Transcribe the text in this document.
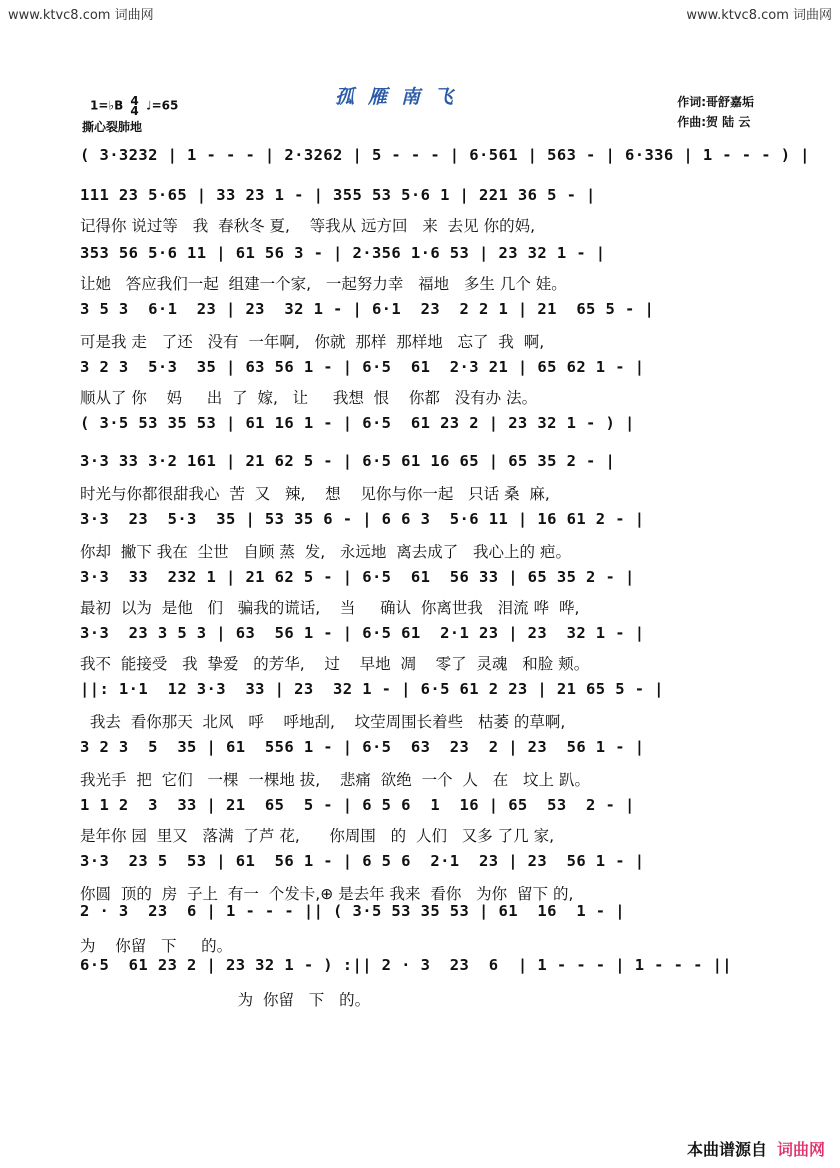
www.ktvc8.com 词曲网	www.ktvc8.com 词曲网
孤雁南飞
1=♭B 4
4 ♩=65
撕心裂肺地
作词:哥舒嘉垢
作曲:贺 陆 云
( 3·3232 | 1 - - - | 2·3262 | 5 - - - | 6·561 | 563 - | 6·336 | 1 - - - ) |
111 23 5·65 | 33 23 1 - | 355 53 5·6 1 | 221 36 5 - |
记得你 说过等   我  春秋冬 夏,    等我从 远方回   来  去见 你的妈,
353 56 5·6 11 | 61 56 3 - | 2·356 1·6 53 | 23 32 1 - |
让她   答应我们一起  组建一个家,   一起努力幸   福地   多生 几个 娃。
3 5 3  6·1  23 | 23  32 1 - | 6·1  23  2 2 1 | 21  65 5 - |
可是我 走   了还   没有  一年啊,   你就  那样  那样地   忘了  我  啊,
3 2 3  5·3  35 | 63 56 1 - | 6·5  61  2·3 21 | 65 62 1 - |
顺从了 你    妈     出  了  嫁,   让     我想  恨    你都   没有办 法。
( 3·5 53 35 53 | 61 16 1 - | 6·5  61 23 2 | 23 32 1 - ) |
3·3 33 3·2 161 | 21 62 5 - | 6·5 61 16 65 | 65 35 2 - |
时光与你都很甜我心  苦  又   辣,    想    见你与你一起   只话 桑  麻,
3·3  23  5·3  35 | 53 35 6 - | 6 6 3  5·6 11 | 16 61 2 - |
你却  撇下 我在  尘世   自顾 蒸  发,   永远地  离去成了   我心上的 疤。
3·3  33  232 1 | 21 62 5 - | 6·5  61  56 33 | 65 35 2 - |
最初  以为  是他   们   骗我的谎话,    当     确认  你离世我   泪流 哗  哗,
3·3  23 3 5 3 | 63  56 1 - | 6·5 61  2·1 23 | 23  32 1 - |
我不  能接受   我  挚爱   的芳华,    过    早地  凋    零了  灵魂   和脸 颊。
||: 1·1  12 3·3  33 | 23  32 1 - | 6·5 61 2 23 | 21 65 5 - |
我去  看你那天  北风   呼    呼地刮,    坟茔周围长着些   枯萎 的草啊,
3 2 3  5  35 | 61  556 1 - | 6·5  63  23  2 | 23  56 1 - |
我光手  把  它们   一棵  一棵地 拔,    悲痛  欲绝  一个  人   在   坟上 趴。
1 1 2  3  33 | 21  65  5 - | 6 5 6  1  16 | 65  53  2 - |
是年你 园  里又   落满  了芦 花,      你周围   的  人们   又多 了几 家,
3·3  23 5  53 | 61  56 1 - | 6 5 6  2·1  23 | 23  56 1 - |
你圆  顶的  房  子上  有一  个发卡,⊕ 是去年 我来  看你   为你  留下 的,
2 · 3  23  6 | 1 - - - || ( 3·5 53 35 53 | 61  16  1 - |
为    你留   下     的。
6·5  61 23 2 | 23 32 1 - ) :|| 2 · 3  23  6  | 1 - - - | 1 - - - ||
为  你留   下   的。
本曲谱源自 词曲网
